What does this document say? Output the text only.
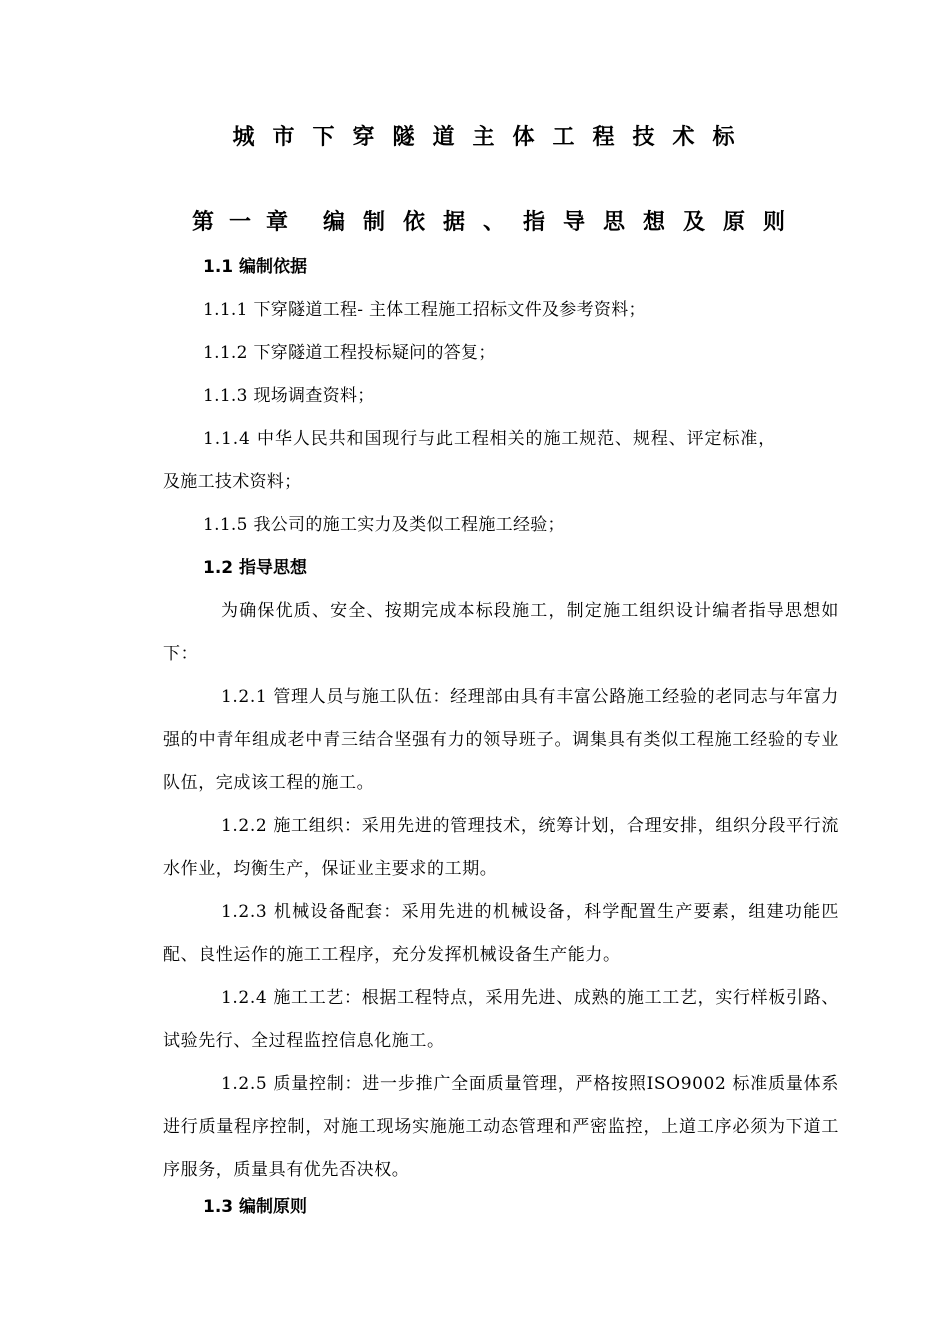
城市下穿隧道主体工程技术标
第一章 编制依据、指导思想及原则
1.1 编制依据
1.1.1 下穿隧道工程- 主体工程施工招标文件及参考资料；
1.1.2 下穿隧道工程投标疑问的答复；
1.1.3 现场调查资料；
1.1.4 中华人民共和国现行与此工程相关的施工规范、规程、评定标准，
及施工技术资料；
1.1.5 我公司的施工实力及类似工程施工经验；
1.2 指导思想

为确保优质、安全、按期完成本标段施工，制定施工组织设计编者指导思想如下：

1.2.1 管理人员与施工队伍：经理部由具有丰富公路施工经验的老同志与年富力强的中青年组成老中青三结合坚强有力的领导班子。调集具有类似工程施工经验的专业队伍，完成该工程的施工。

1.2.2 施工组织：采用先进的管理技术，统筹计划，合理安排，组织分段平行流水作业，均衡生产，保证业主要求的工期。

1.2.3 机械设备配套：采用先进的机械设备，科学配置生产要素，组建功能匹配、良性运作的施工工程序，充分发挥机械设备生产能力。

1.2.4 施工工艺：根据工程特点，采用先进、成熟的施工工艺，实行样板引路、试验先行、全过程监控信息化施工。

1.2.5 质量控制：进一步推广全面质量管理，严格按照ISO9002 标准质量体系进行质量程序控制，对施工现场实施施工动态管理和严密监控，上道工序必须为下道工序服务，质量具有优先否决权。

1.3 编制原则
